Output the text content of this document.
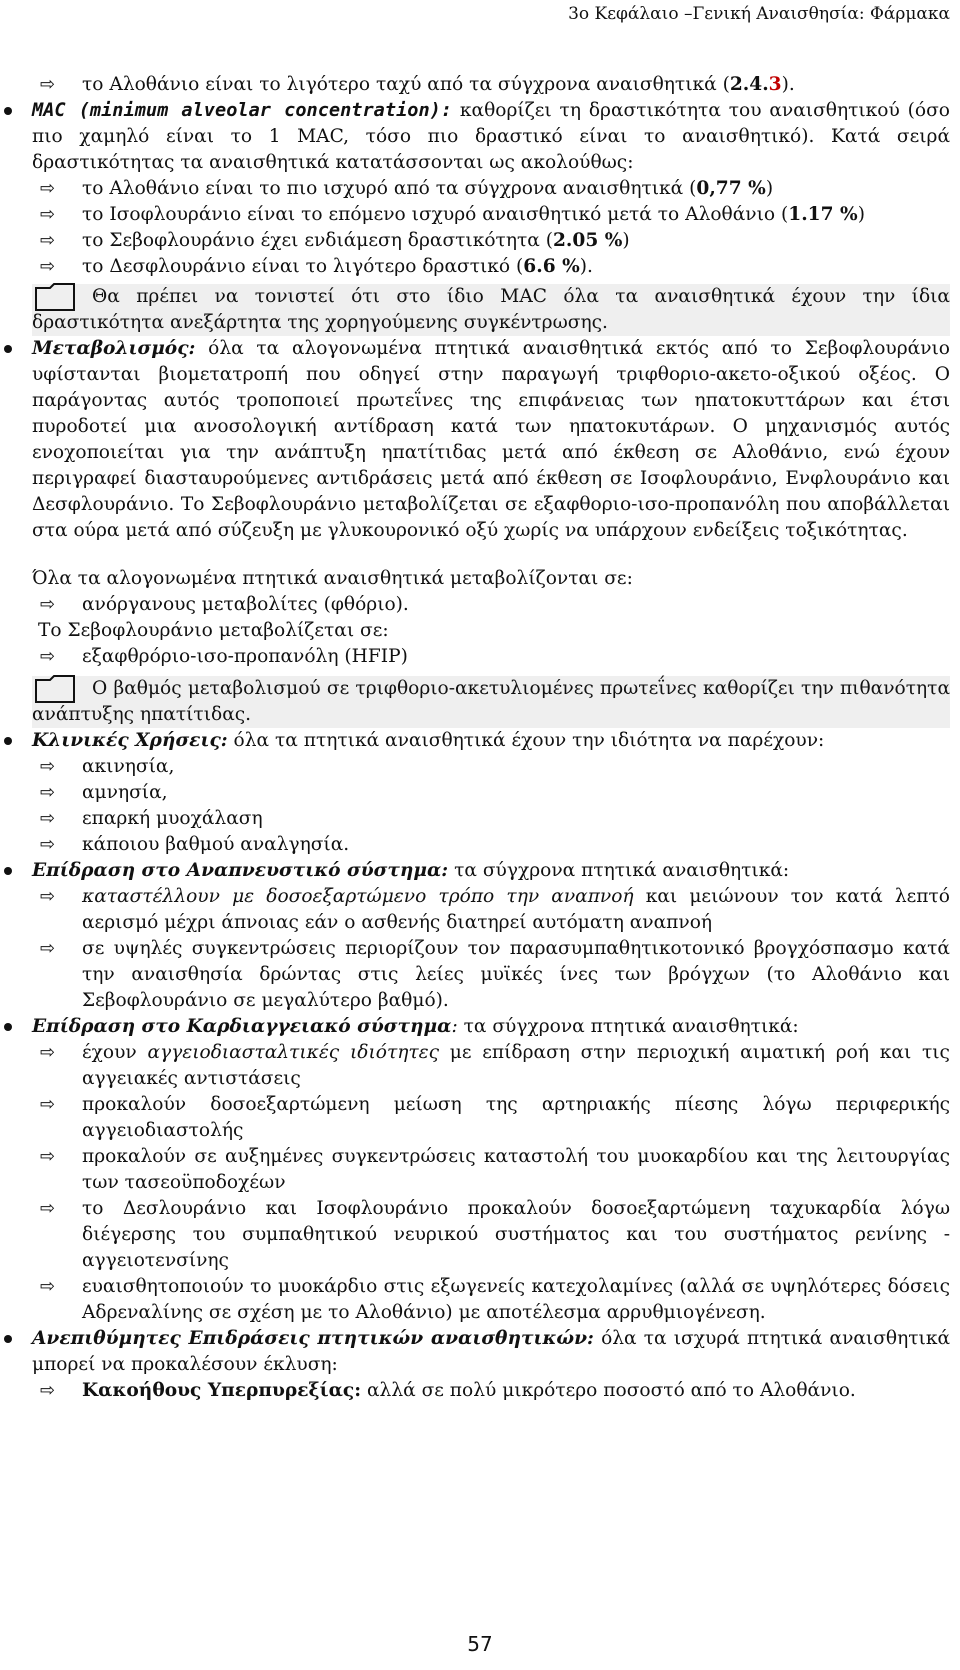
3ο Κεφάλαιο –Γενική Αναισθησία: Φάρμακα

⇨ το Αλοθάνιο είναι το λιγότερο ταχύ από τα σύγχρονα αναισθητικά (2.4.3).

MAC (minimum alveolar concentration): καθορίζει τη δραστικότητα του αναισθητικού (όσο πιο χαμηλό είναι το 1 MAC, τόσο πιο δραστικό είναι το αναισθητικό). Κατά σειρά δραστικότητας τα αναισθητικά κατατάσσονται ως ακολούθως:

⇨ το Αλοθάνιο είναι το πιο ισχυρό από τα σύγχρονα αναισθητικά (0,77 %)

⇨ το Ισοφλουράνιο είναι το επόμενο ισχυρό αναισθητικό μετά το Αλοθάνιο (1.17 %)

⇨ το Σεβοφλουράνιο έχει ενδιάμεση δραστικότητα (2.05 %)

⇨ το Δεσφλουράνιο είναι το λιγότερο δραστικό (6.6 %).

Θα πρέπει να τονιστεί ότι στο ίδιο MAC όλα τα αναισθητικά έχουν την ίδια δραστικότητα ανεξάρτητα της χορηγούμενης συγκέντρωσης.

Μεταβολισμός: όλα τα αλογονωμένα πτητικά αναισθητικά εκτός από το Σεβοφλουράνιο υφίστανται βιομετατροπή που οδηγεί στην παραγωγή τριφθοριο-ακετο-οξικού οξέος. Ο παράγοντας αυτός τροποποιεί πρωτεΐνες της επιφάνειας των ηπατοκυττάρων και έτσι πυροδοτεί μια ανοσολογική αντίδραση κατά των ηπατοκυτάρων. Ο μηχανισμός αυτός ενοχοποιείται για την ανάπτυξη ηπατίτιδας μετά από έκθεση σε Αλοθάνιο, ενώ έχουν περιγραφεί διασταυρούμενες αντιδράσεις μετά από έκθεση σε Ισοφλουράνιο, Ενφλουράνιο και Δεσφλουράνιο. Το Σεβοφλουράνιο μεταβολίζεται σε εξαφθοριο-ισο-προπανόλη που αποβάλλεται στα ούρα μετά από σύζευξη με γλυκουρονικό οξύ χωρίς να υπάρχουν ενδείξεις τοξικότητας.

Όλα τα αλογονωμένα πτητικά αναισθητικά μεταβολίζονται σε:

⇨ ανόργανους μεταβολίτες (φθόριο).

Το Σεβοφλουράνιο μεταβολίζεται σε:

⇨ εξαφθρόριο-ισο-προπανόλη (HFIP)

Ο βαθμός μεταβολισμού σε τριφθοριο-ακετυλιομένες πρωτεΐνες καθορίζει την πιθανότητα ανάπτυξης ηπατίτιδας.

Κλινικές Χρήσεις: όλα τα πτητικά αναισθητικά έχουν την ιδιότητα να παρέχουν:

⇨ ακινησία,

⇨ αμνησία,

⇨ επαρκή μυοχάλαση

⇨ κάποιου βαθμού αναλγησία.

Επίδραση στο Αναπνευστικό σύστημα: τα σύγχρονα πτητικά αναισθητικά:

⇨ καταστέλλουν με δοσοεξαρτώμενο τρόπο την αναπνοή και μειώνουν τον κατά λεπτό αερισμό μέχρι άπνοιας εάν ο ασθενής διατηρεί αυτόματη αναπνοή

⇨ σε υψηλές συγκεντρώσεις περιορίζουν τον παρασυμπαθητικοτονικό βρογχόσπασμο κατά την αναισθησία δρώντας στις λείες μυϊκές ίνες των βρόγχων (το Αλοθάνιο και Σεβοφλουράνιο σε μεγαλύτερο βαθμό).

Επίδραση στο Καρδιαγγειακό σύστημα: τα σύγχρονα πτητικά αναισθητικά:

⇨ έχουν αγγειοδιασταλτικές ιδιότητες με επίδραση στην περιοχική αιματική ροή και τις αγγειακές αντιστάσεις

⇨ προκαλούν δοσοεξαρτώμενη μείωση της αρτηριακής πίεσης λόγω περιφερικής αγγειοδιαστολής

⇨ προκαλούν σε αυξημένες συγκεντρώσεις καταστολή του μυοκαρδίου και της λειτουργίας των τασεοϋποδοχέων

⇨ το Δεσλουράνιο και Ισοφλουράνιο προκαλούν δοσοεξαρτώμενη ταχυκαρδία λόγω διέγερσης του συμπαθητικού νευρικού συστήματος και του συστήματος ρενίνης - αγγειοτενσίνης

⇨ ευαισθητοποιούν το μυοκάρδιο στις εξωγενείς κατεχολαμίνες (αλλά σε υψηλότερες δόσεις Αδρεναλίνης σε σχέση με το Αλοθάνιο) με αποτέλεσμα αρρυθμιογένεση.

Ανεπιθύμητες Επιδράσεις πτητικών αναισθητικών: όλα τα ισχυρά πτητικά αναισθητικά μπορεί να προκαλέσουν έκλυση:

⇨ Κακοήθους Υπερπυρεξίας: αλλά σε πολύ μικρότερο ποσοστό από το Αλοθάνιο.

57
